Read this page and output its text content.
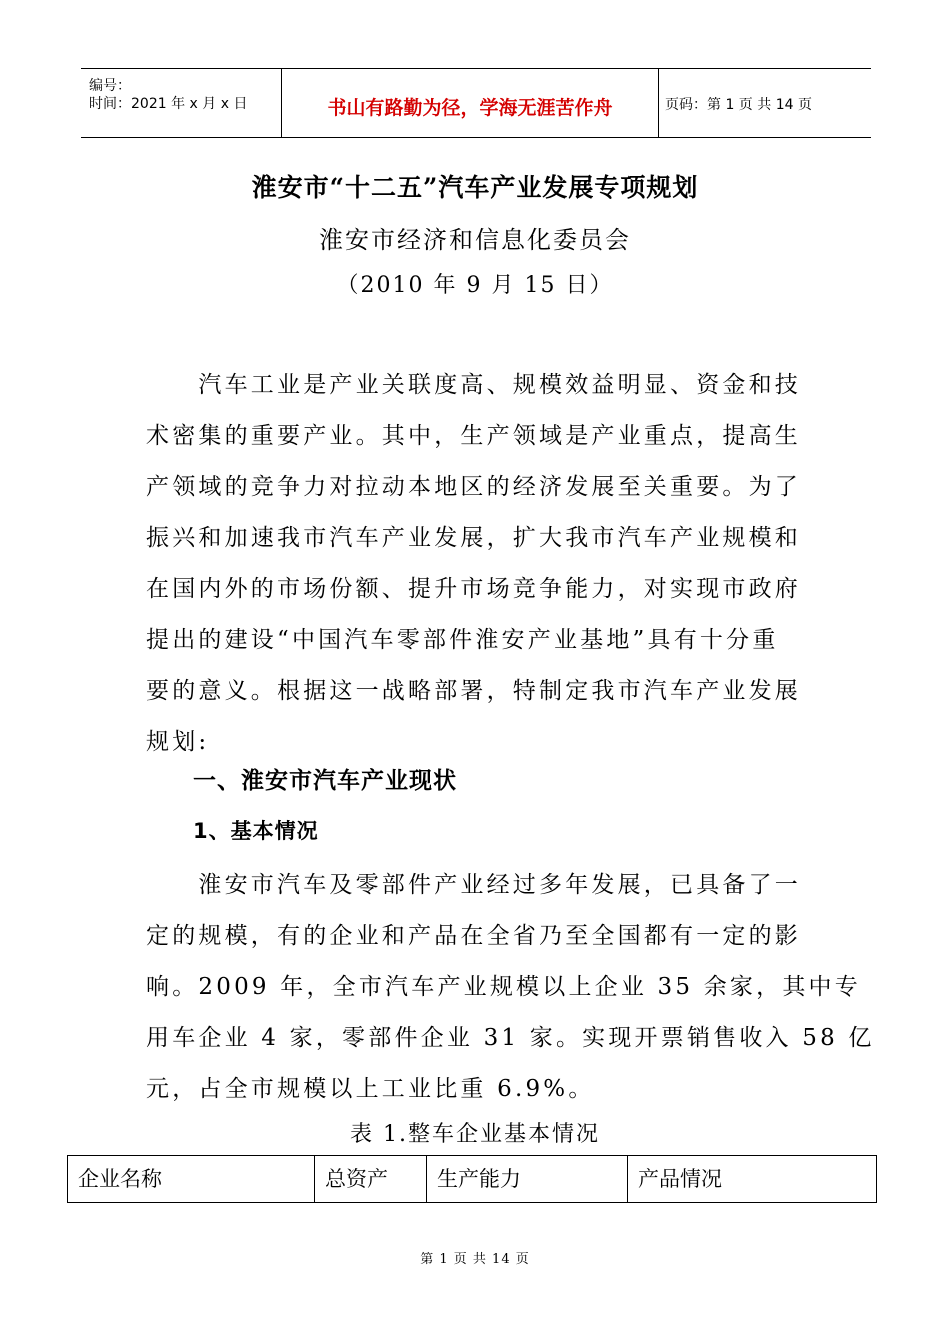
编号：
时间：2021 年 x 月 x 日	书山有路勤为径，学海无涯苦作舟	页码：第 1 页 共 14 页
淮安市“十二五”汽车产业发展专项规划
淮安市经济和信息化委员会
（2010 年 9 月 15 日）
　　汽车工业是产业关联度高、规模效益明显、资金和技
术密集的重要产业。其中，生产领域是产业重点，提高生
产领域的竞争力对拉动本地区的经济发展至关重要。为了
振兴和加速我市汽车产业发展，扩大我市汽车产业规模和
在国内外的市场份额、提升市场竞争能力，对实现市政府
提出的建设“中国汽车零部件淮安产业基地”具有十分重
要的意义。根据这一战略部署，特制定我市汽车产业发展
规划:
一、淮安市汽车产业现状
1、基本情况
　　淮安市汽车及零部件产业经过多年发展，已具备了一
定的规模，有的企业和产品在全省乃至全国都有一定的影
响。2009 年，全市汽车产业规模以上企业 35 余家，其中专
用车企业 4 家，零部件企业 31 家。实现开票销售收入 58 亿
元，占全市规模以上工业比重 6.9%。
表 1.整车企业基本情况
企业名称	总资产	生产能力	产品情况
第 1 页 共 14 页
